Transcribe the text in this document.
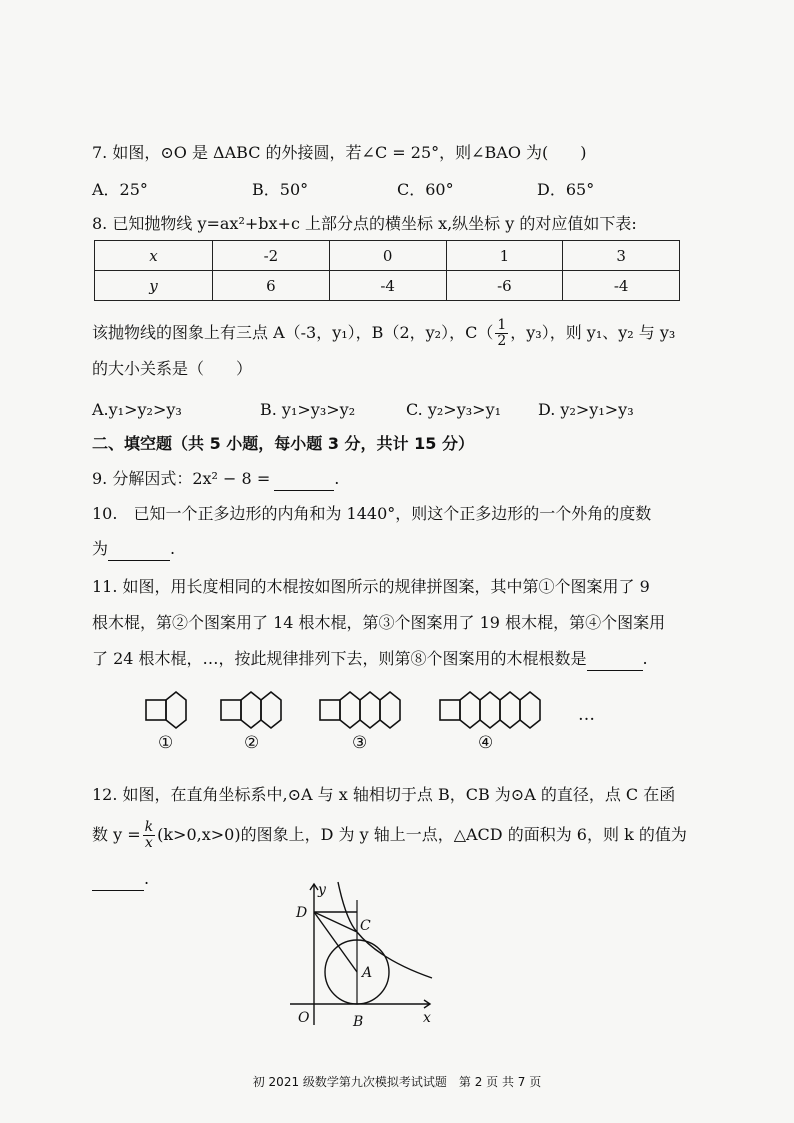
7. 如图，⊙O 是 ΔABC 的外接圆，若∠C = 25°，则∠BAO 为(　　)
A．25°	B．50°	C．60°	D．65°
8. 已知抛物线 y=ax²+bx+c 上部分点的横坐标 x,纵坐标 y 的对应值如下表:
x	-2	0	1	3
y	6	-4	-6	-4
该抛物线的图象上有三点 A（-3，y₁），B（2，y₂），$C( \frac{1}{2}$ ，y₃），则 y₁、y₂ 与 y₃
的大小关系是（　　）
A.y₁>y₂>y₃	B. y₁>y₃>y₂	C. y₂>y₃>y₁	D. y₂>y₁>y₃
二、填空题（共 5 小题，每小题 3 分，共计 15 分）
9. 分解因式：2x² − 8 =	.
10.　已知一个正多边形的内角和为 1440°，则这个正多边形的一个外角的度数
为	.
11. 如图，用长度相同的木棍按如图所示的规律拼图案，其中第①个图案用了 9
根木棍，第②个图案用了 14 根木棍，第③个图案用了 19 根木棍，第④个图案用
了 24 根木棍，…，按此规律排列下去，则第⑧个图案用的木棍根数是	.
①	②	③	④
…
12. 如图，在直角坐标系中,⊙A 与 x 轴相切于点 B，CB 为⊙A 的直径，点 C 在函
数 $y = \frac{k}{x} (k>0,x>0)$的图象上，D 为 y 轴上一点，△ACD 的面积为 6，则 k 的值为
.
y
x
O
D
C
A
B
初 2021 级数学第九次模拟考试试题　第 2 页 共 7 页
